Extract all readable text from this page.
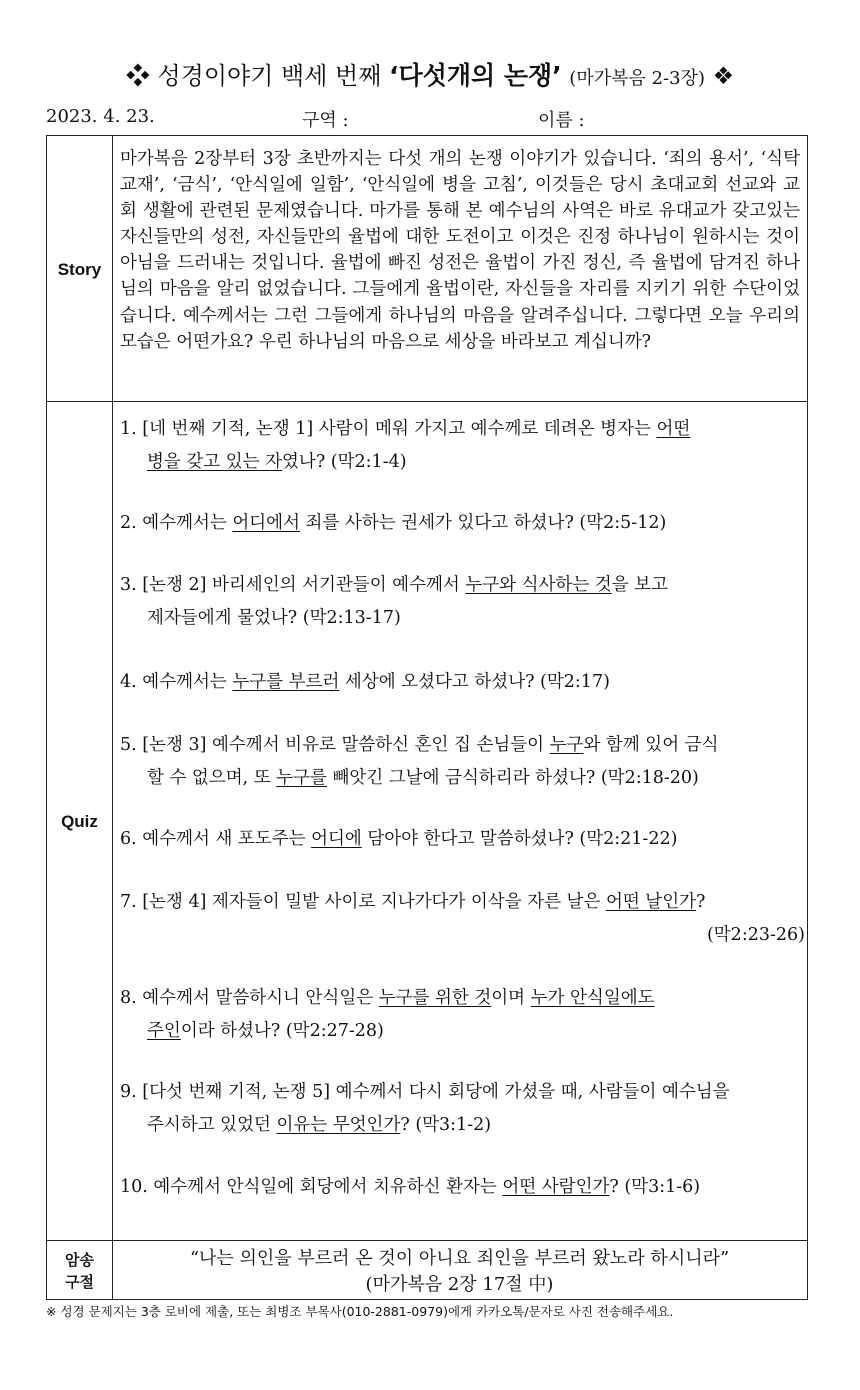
❖ 성경이야기 백세 번째 ‘다섯개의 논쟁’ (마가복음 2-3장) ❖
2023. 4. 23.	구역 :	이름 :
Story

마가복음 2장부터 3장 초반까지는 다섯 개의 논쟁 이야기가 있습니다. ‘죄의 용서’, ‘식탁교재’, ‘금식’, ‘안식일에 일함’, ‘안식일에 병을 고침’, 이것들은 당시 초대교회 선교와 교회 생활에 관련된 문제였습니다. 마가를 통해 본 예수님의 사역은 바로 유대교가 갖고있는 자신들만의 성전, 자신들만의 율법에 대한 도전이고 이것은 진정 하나님이 원하시는 것이 아님을 드러내는 것입니다. 율법에 빠진 성전은 율법이 가진 정신, 즉 율법에 담겨진 하나님의 마음을 알리 없었습니다. 그들에게 율법이란, 자신들을 자리를 지키기 위한 수단이었습니다. 예수께서는 그런 그들에게 하나님의 마음을 알려주십니다. 그렇다면 오늘 우리의 모습은 어떤가요? 우린 하나님의 마음으로 세상을 바라보고 계십니까?

Quiz
1. [네 번째 기적, 논쟁 1] 사람이 메워 가지고 예수께로 데려온 병자는 어떤
병을 갖고 있는 자였나? (막2:1-4)
2. 예수께서는 어디에서 죄를 사하는 권세가 있다고 하셨나? (막2:5-12)
3. [논쟁 2] 바리세인의 서기관들이 예수께서 누구와 식사하는 것을 보고
제자들에게 물었나? (막2:13-17)
4. 예수께서는 누구를 부르러 세상에 오셨다고 하셨나? (막2:17)
5. [논쟁 3] 예수께서 비유로 말씀하신 혼인 집 손님들이 누구와 함께 있어 금식
할 수 없으며, 또 누구를 빼앗긴 그날에 금식하리라 하셨나? (막2:18-20)
6. 예수께서 새 포도주는 어디에 담아야 한다고 말씀하셨나? (막2:21-22)
7. [논쟁 4] 제자들이 밀밭 사이로 지나가다가 이삭을 자른 날은 어떤 날인가?
(막2:23-26)
8. 예수께서 말씀하시니 안식일은 누구를 위한 것이며 누가 안식일에도
주인이라 하셨나? (막2:27-28)
9. [다섯 번째 기적, 논쟁 5] 예수께서 다시 회당에 가셨을 때, 사람들이 예수님을
주시하고 있었던 이유는 무엇인가? (막3:1-2)
10. 예수께서 안식일에 회당에서 치유하신 환자는 어떤 사람인가? (막3:1-6)
암송
구절
“나는 의인을 부르러 온 것이 아니요 죄인을 부르러 왔노라 하시니라”
(마가복음 2장 17절 中)
※ 성경 문제지는 3층 로비에 제출, 또는 최병조 부목사(010-2881-0979)에게 카카오톡/문자로 사진 전송해주세요.
